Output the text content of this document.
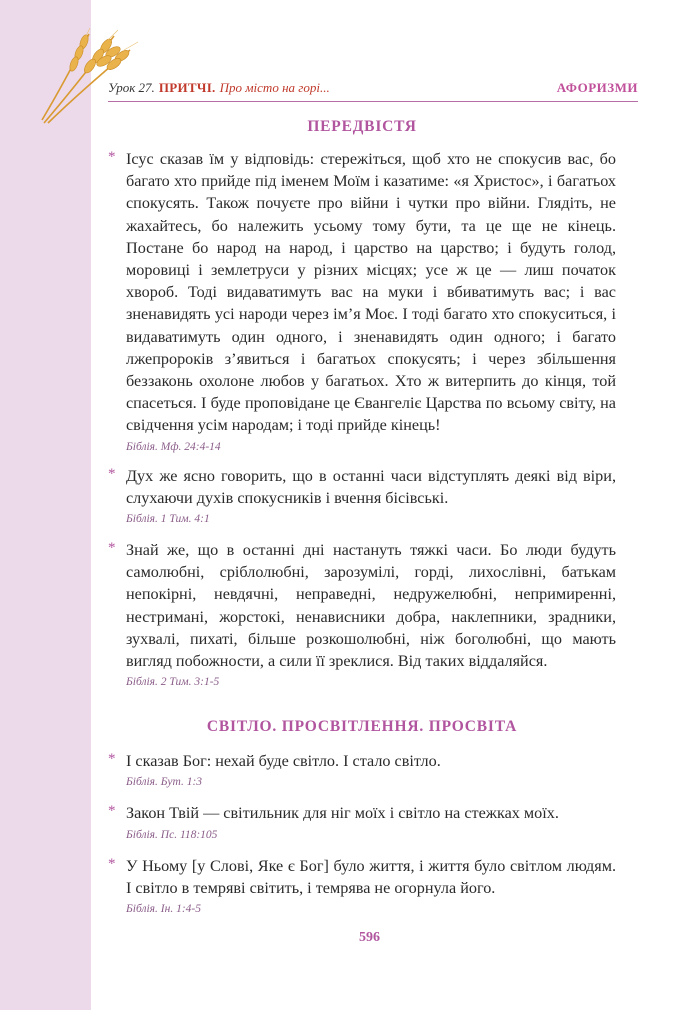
Урок 27. ПРИТЧІ. Про місто на горі...	АФОРИЗМИ
ПЕРЕДВІСТЯ
* Ісус сказав їм у відповідь: стережіться, щоб хто не спокусив вас, бо багато хто прийде під іменем Моїм і казатиме: «я Христос», і багатьох спокусять. Також почуєте про війни і чутки про війни. Глядіть, не жахайтесь, бо належить усьому тому бути, та це ще не кінець. Постане бо народ на народ, і царство на царство; і будуть голод, моровиці і землетруси у різних місцях; усе ж це — лиш початок хвороб. Тоді видаватимуть вас на муки і вбиватимуть вас; і вас зненавидять усі народи через ім’я Моє. І тоді багато хто спокуситься, і видаватимуть один одного, і зненавидять один одного; і багато лжепророків з’явиться і багатьох спокусять; і через збільшення беззаконь охолоне любов у багатьох. Хто ж витерпить до кінця, той спасеться. І буде проповідане це Євангеліє Царства по всьому світу, на свідчення усім народам; і тоді прийде кінець!

Біблія. Мф. 24:4-14
* Дух же ясно говорить, що в останні часи відступлять деякі від віри, слухаючи духів спокусників і вчення бісівські.

Біблія. 1 Тим. 4:1
* Знай же, що в останні дні настануть тяжкі часи. Бо люди будуть самолюбні, сріблолюбні, зарозумілі, горді, лихослівні, батькам непокірні, невдячні, неправедні, недружелюбні, непримиренні, нестримані, жорстокі, ненависники добра, наклепники, зрадники, зухвалі, пихаті, більше розкошолюбні, ніж боголюбні, що мають вигляд побожности, а сили її зреклися. Від таких віддаляйся.

Біблія. 2 Тим. 3:1-5
СВІТЛО. ПРОСВІТЛЕННЯ. ПРОСВІТА
* І сказав Бог: нехай буде світло. І стало світло.

Біблія. Бут. 1:3
* Закон Твій — світильник для ніг моїх і світло на стежках моїх.

Біблія. Пс. 118:105
* У Ньому [у Слові, Яке є Бог] було життя, і життя було світлом людям. І світло в темряві світить, і темрява не огорнула його.

Біблія. Ін. 1:4-5
596
